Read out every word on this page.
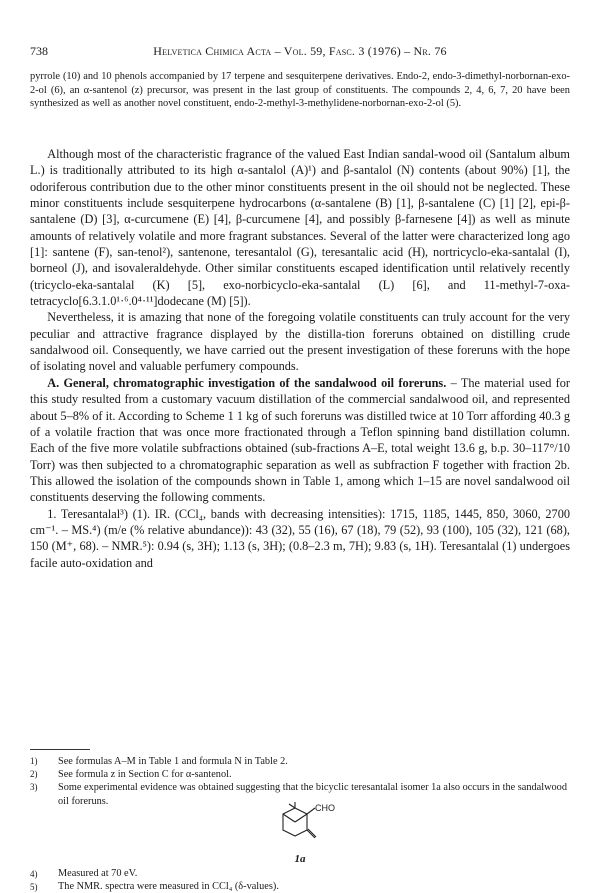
738	Helvetica Chimica Acta – Vol. 59, Fasc. 3 (1976) – Nr. 76
pyrrole (10) and 10 phenols accompanied by 17 terpene and sesquiterpene derivatives. Endo-2, endo-3-dimethyl-norbornan-exo-2-ol (6), an α-santenol (z) precursor, was present in the last group of constituents. The compounds 2, 4, 6, 7, 20 have been synthesized as well as another novel constituent, endo-2-methyl-3-methylidene-norbornan-exo-2-ol (5).

Although most of the characteristic fragrance of the valued East Indian sandal-wood oil (Santalum album L.) is traditionally attributed to its high α-santalol (A)¹) and β-santalol (N) contents (about 90%) [1], the odoriferous contribution due to the other minor constituents present in the oil should not be neglected. These minor constituents include sesquiterpene hydrocarbons (α-santalene (B) [1], β-santalene (C) [1] [2], epi-β-santalene (D) [3], α-curcumene (E) [4], β-curcumene [4], and possibly β-farnesene [4]) as well as minute amounts of relatively volatile and more fragrant substances. Several of the latter were characterized long ago [1]: santene (F), san-tenol²), santenone, teresantalol (G), teresantalic acid (H), nortricyclo-eka-santalal (I), borneol (J), and isovaleraldehyde. Other similar constituents escaped identification until relatively recently (tricyclo-eka-santalal (K) [5], exo-norbicyclo-eka-santalal (L) [6], and 11-methyl-7-oxa-tetracyclo[6.3.1.0¹·⁶.0⁴·¹¹]dodecane (M) [5]).

Nevertheless, it is amazing that none of the foregoing volatile constituents can truly account for the very peculiar and attractive fragrance displayed by the distilla-tion foreruns obtained on distilling crude sandalwood oil. Consequently, we have carried out the present investigation of these foreruns with the hope of isolating novel and valuable perfumery compounds.

A. General, chromatographic investigation of the sandalwood oil foreruns. – The material used for this study resulted from a customary vacuum distillation of the commercial sandalwood oil, and represented about 5–8% of it. According to Scheme 1 1 kg of such foreruns was distilled twice at 10 Torr affording 40.3 g of a volatile fraction that was once more fractionated through a Teflon spinning band distillation column. Each of the five more volatile subfractions obtained (sub-fractions A–E, total weight 13.6 g, b.p. 30–117°/10 Torr) was then subjected to a chromatographic separation as well as subfraction F together with fraction 2b. This allowed the isolation of the compounds shown in Table 1, among which 1–15 are novel sandalwood oil constituents deserving the following comments.

1. Teresantalal³) (1). IR. (CCl₄, bands with decreasing intensities): 1715, 1185, 1445, 850, 3060, 2700 cm⁻¹. – MS.⁴) (m/e (% relative abundance)): 43 (32), 55 (16), 67 (18), 79 (52), 93 (100), 105 (32), 121 (68), 150 (M⁺, 68). – NMR.⁵): 0.94 (s, 3H); 1.13 (s, 3H); (0.8–2.3 m, 7H); 9.83 (s, 1H). Teresantalal (1) undergoes facile auto-oxidation and

1) See formulas A–M in Table 1 and formula N in Table 2.
2) See formula z in Section C for α-santenol.
3) Some experimental evidence was obtained suggesting that the bicyclic teresantalal isomer 1a also occurs in the sandalwood oil foreruns.
CHO
1a
4) Measured at 70 eV.
5) The NMR. spectra were measured in CCl₄ (δ-values).
